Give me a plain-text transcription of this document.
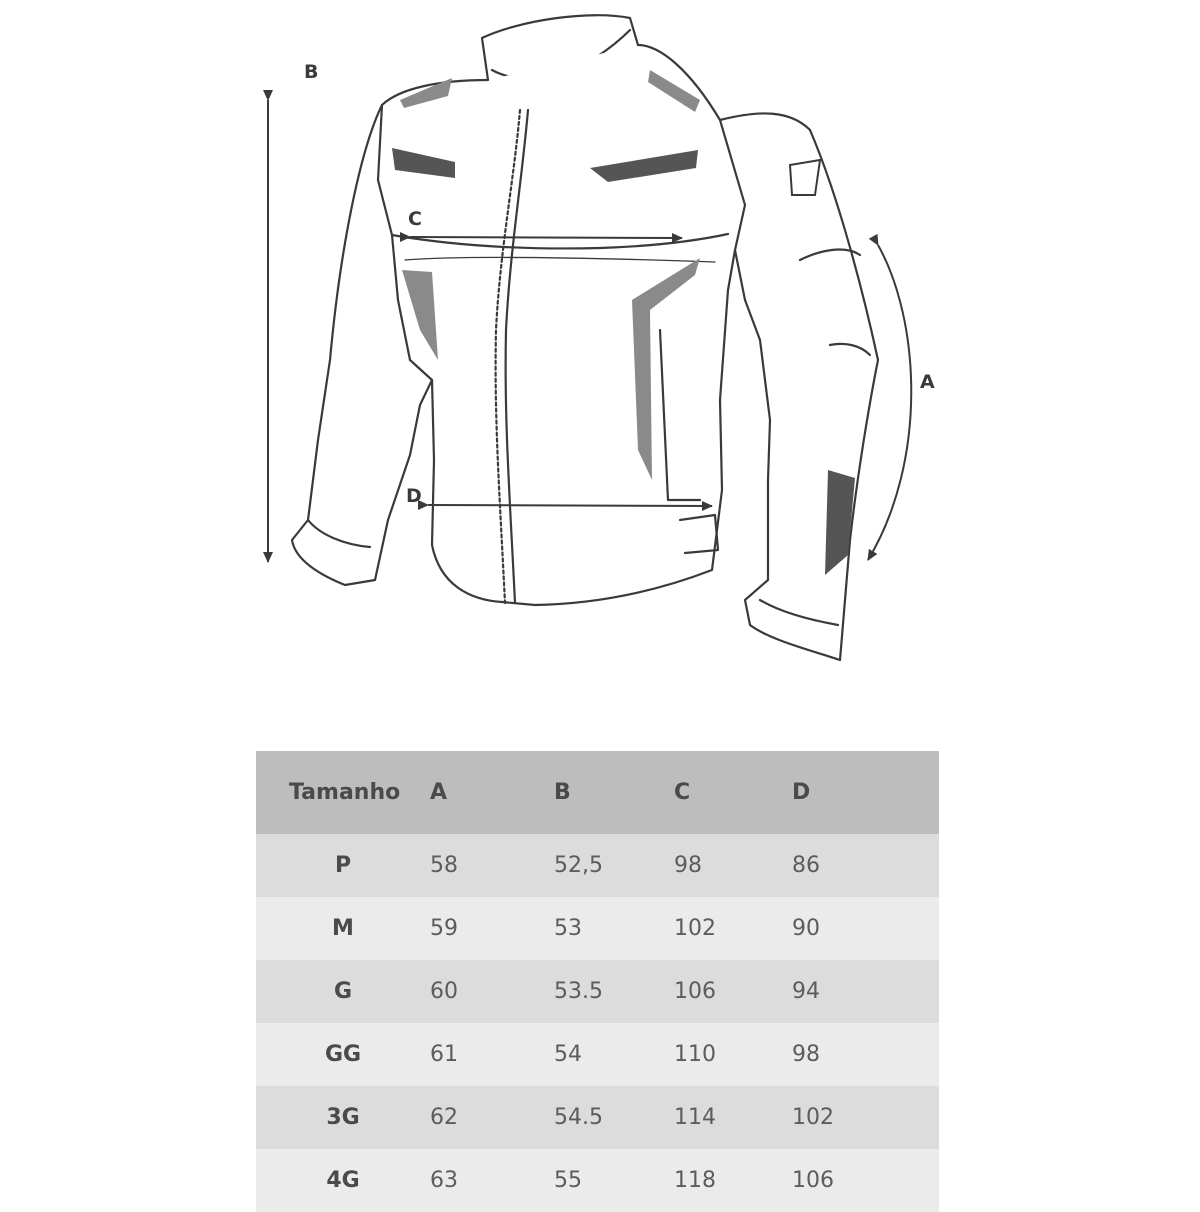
B
C
D
A
Tamanho	A	B	C	D
P	58	52,5	98	86
M	59	53	102	90
G	60	53.5	106	94
GG	61	54	110	98
3G	62	54.5	114	102
4G	63	55	118	106
